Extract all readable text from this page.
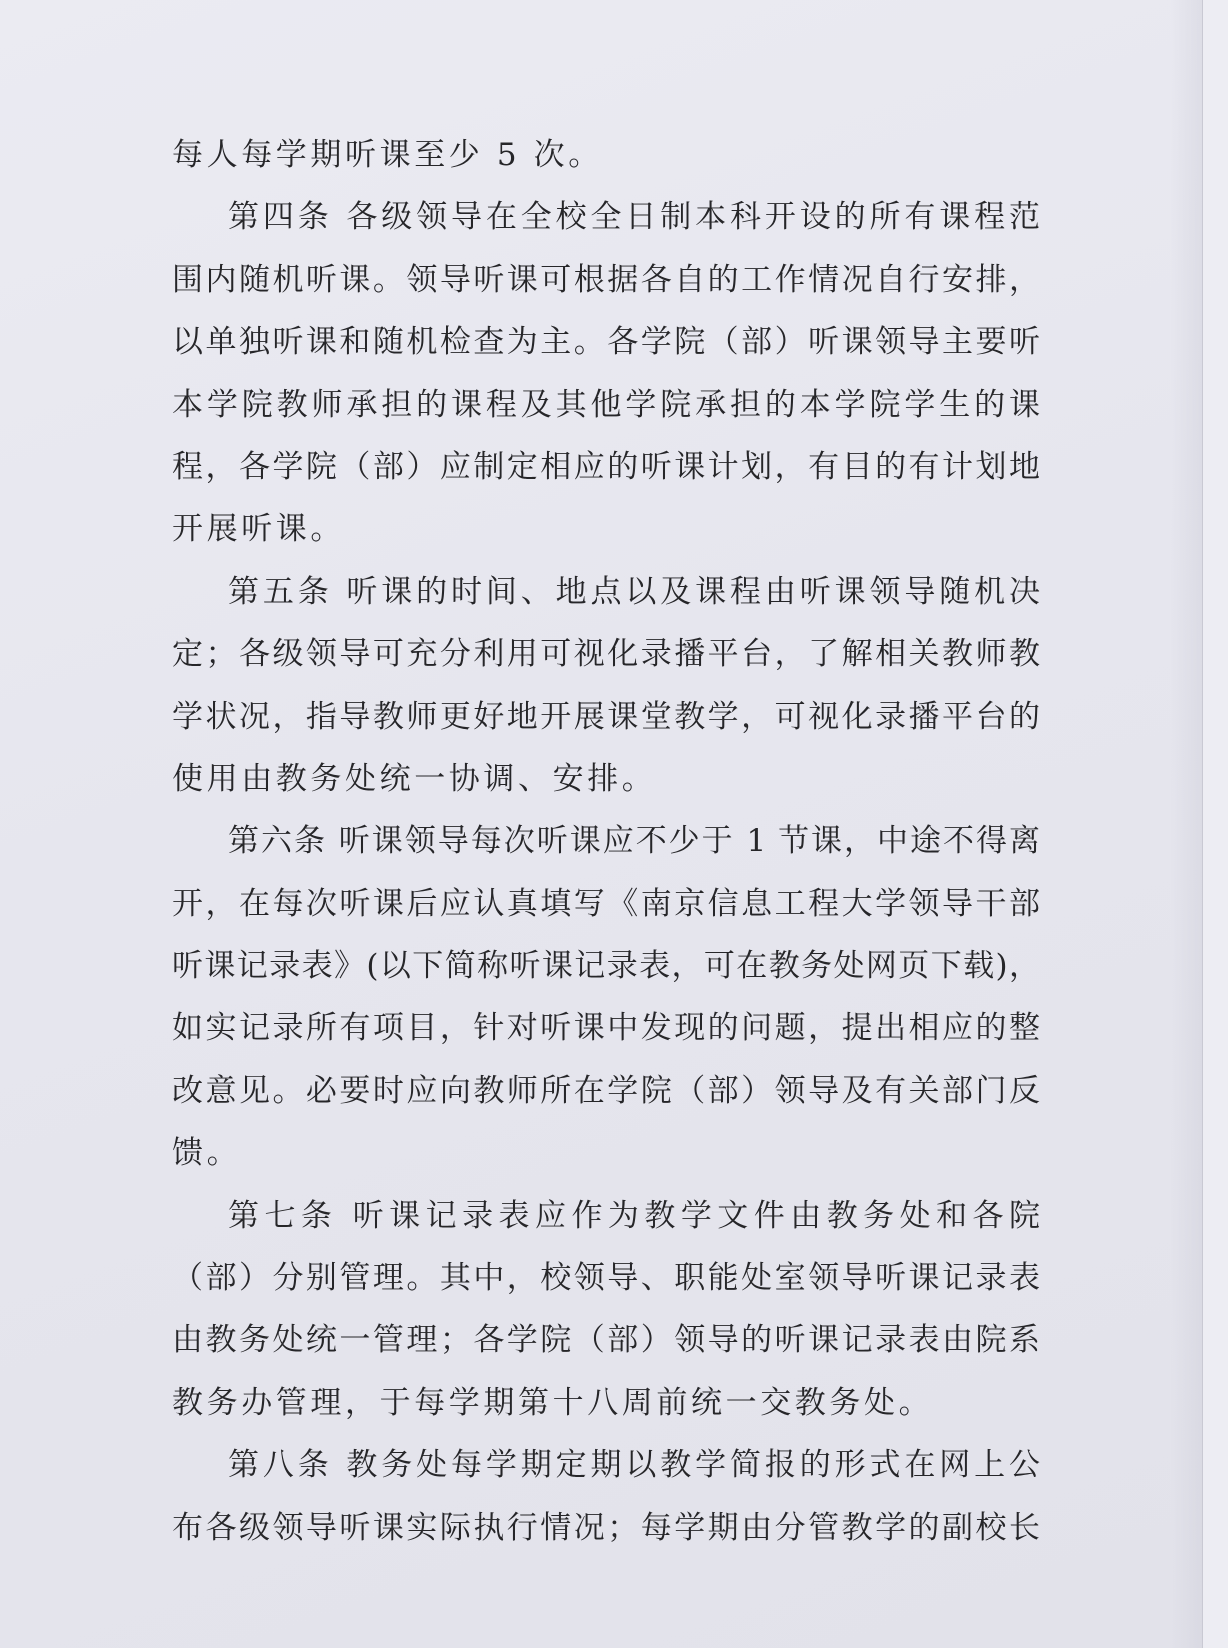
每人每学期听课至少 5 次。
第四条 各级领导在全校全日制本科开设的所有课程范
围内随机听课。领导听课可根据各自的工作情况自行安排，
以单独听课和随机检查为主。各学院（部）听课领导主要听
本学院教师承担的课程及其他学院承担的本学院学生的课
程，各学院（部）应制定相应的听课计划，有目的有计划地
开展听课。
第五条 听课的时间、地点以及课程由听课领导随机决
定；各级领导可充分利用可视化录播平台，了解相关教师教
学状况，指导教师更好地开展课堂教学，可视化录播平台的
使用由教务处统一协调、安排。
第六条 听课领导每次听课应不少于 1 节课，中途不得离
开，在每次听课后应认真填写《南京信息工程大学领导干部
听课记录表》(以下简称听课记录表，可在教务处网页下载)，
如实记录所有项目，针对听课中发现的问题，提出相应的整
改意见。必要时应向教师所在学院（部）领导及有关部门反
馈。
第七条 听课记录表应作为教学文件由教务处和各院
（部）分别管理。其中，校领导、职能处室领导听课记录表
由教务处统一管理；各学院（部）领导的听课记录表由院系
教务办管理，于每学期第十八周前统一交教务处。
第八条 教务处每学期定期以教学简报的形式在网上公
布各级领导听课实际执行情况；每学期由分管教学的副校长
